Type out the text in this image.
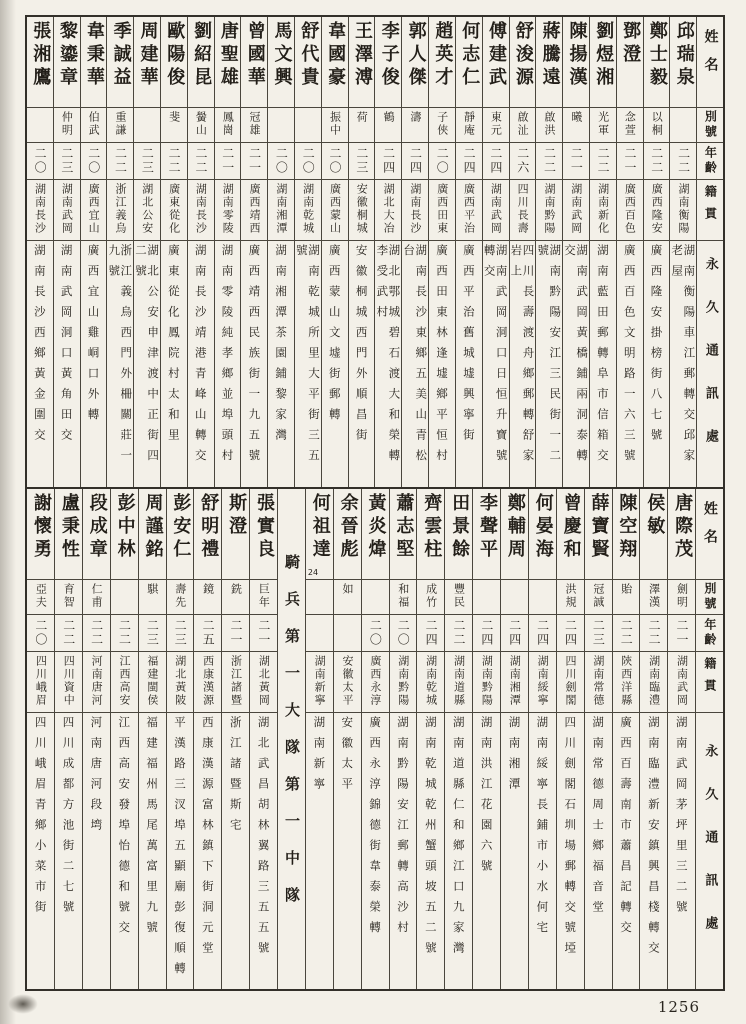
姓名
別號
年齡
籍貫
永久通訊處
邱瑞泉
二二
湖南衡陽
湖南衡陽車江郵轉交邱家老屋
鄭士毅
以桐
二二
廣西隆安
廣西隆安掛榜街八七號
鄧澄
念萱
二一
廣西百色
廣西百色文明路一六三號
劉煜湘
光軍
二二
湖南新化
湖南藍田郵轉阜市信箱交
陳揚漢
曦
二一
湖南武岡
湖南武岡黃橋鋪兩洞泰轉交
蔣騰遠
啟洪
二二
湖南黔陽
湖南黔陽安江三民街一二號
舒浚源
啟沚
二六
四川長壽
四川長壽渡舟鄉郵轉舒家岩上
傅建武
東元
二四
湖南武岡
湖南武岡洞口日恒升寶號轉交
何志仁
靜庵
二四
廣西平治
廣西平治舊城墟興寧街
趙英才
子俠
二〇
廣西田東
廣西田東林逢墟鄉平恒村
郭人傑
濤
二四
湖南長沙
湖南長沙東鄉五美山青松台
李子俊
鶴
二四
湖北大冶
湖北鄂城碧石渡大和榮轉李受武村
王澤溥
荷
二三
安徽桐城
安徽桐城西門外順昌街
韋國豪
振中
二〇
廣西蒙山
廣西蒙山文墟街郵轉
舒代貴
二〇
湖南乾城
湖南乾城所里大平街三五號
馬文興
二〇
湖南湘潭
湖南湘潭茶園鋪黎家灣
曾國華
冠雄
二一
廣西靖西
廣西靖西民族街一九五號
唐聖雄
鳳崗
二一
湖南零陵
湖南零陵純孝鄉並埠頭村
劉紹昆
黌山
二二
湖南長沙
湖南長沙靖港青峰山轉交
歐陽俊
斐
二二
廣東從化
廣東從化鳳院村太和里
周建華
二三
湖北公安
湖北公安申津渡中正街四二號
季誠益
重謙
二二
浙江義烏
浙江義烏西門外柵關莊一九號
韋秉華
伯武
二〇
廣西宜山
廣西宜山雞峒口外轉
黎鎏章
仲明
二三
湖南武岡
湖南武岡洞口黃角田交
張湘鷹
二〇
湖南長沙
湖南長沙西鄉黃金圍交
姓名
別號
年齡
籍貫
永久通訊處
唐際茂
劍明
二一
湖南武岡
湖南武岡茅坪里三二號
侯敏
澤漢
二二
湖南臨澧
湖南臨澧新安鎮興昌棧轉交
陳空翔
貽
二二
陝西洋縣
廣西百壽南市蕭昌記轉交
薛寶賢
冠誠
二三
湖南常德
湖南常德周士鄉福音堂
曾慶和
洪規
二四
四川劍閣
四川劍閣石圳場郵轉交號埡
何晏海
二四
湖南綏寧
湖南綏寧長鋪市小水何宅
鄭輔周
二四
湖南湘潭
湖南湘潭
李聲平
二四
湖南黔陽
湖南洪江花園六號
田景餘
豐民
二二
湖南道縣
湖南道縣仁和鄉江口九家灣
齊雲柱
成竹
二四
湖南乾城
湖南乾城乾州蟹頭坡五二號
蕭志堅
和福
二〇
湖南黔陽
湖南黔陽安江郵轉高沙村
黃炎煒
二〇
廣西永淳
廣西永淳錦德街韋泰榮轉
余晉彪
如
安徽太平
安徽太平
何祖達
24
湖南新寧
湖南新寧
騎兵第一大隊第一中隊
張實良
巨年
二一
湖北黃岡
湖北武昌胡林翼路三五五號
斯澄
銑
二一
浙江諸暨
浙江諸暨斯宅
舒明禮
鏡
二五
西康漢源
西康漢源富林鎮下街洞元堂
彭安仁
壽先
二三
湖北黃陂
平漢路三汊埠五顯廟彭復順轉
周謹銘
騏
二三
福建閩侯
福建福州馬尾萬富里九號
彭中林
二二
江西高安
江西高安發埠怡德和號交
段成章
仁甫
二二
河南唐河
河南唐河段塆
盧秉性
育智
二二
四川資中
四川成都方池街二七號
謝懷勇
亞夫
二〇
四川峨眉
四川峨眉青鄉小菜市街
1256
